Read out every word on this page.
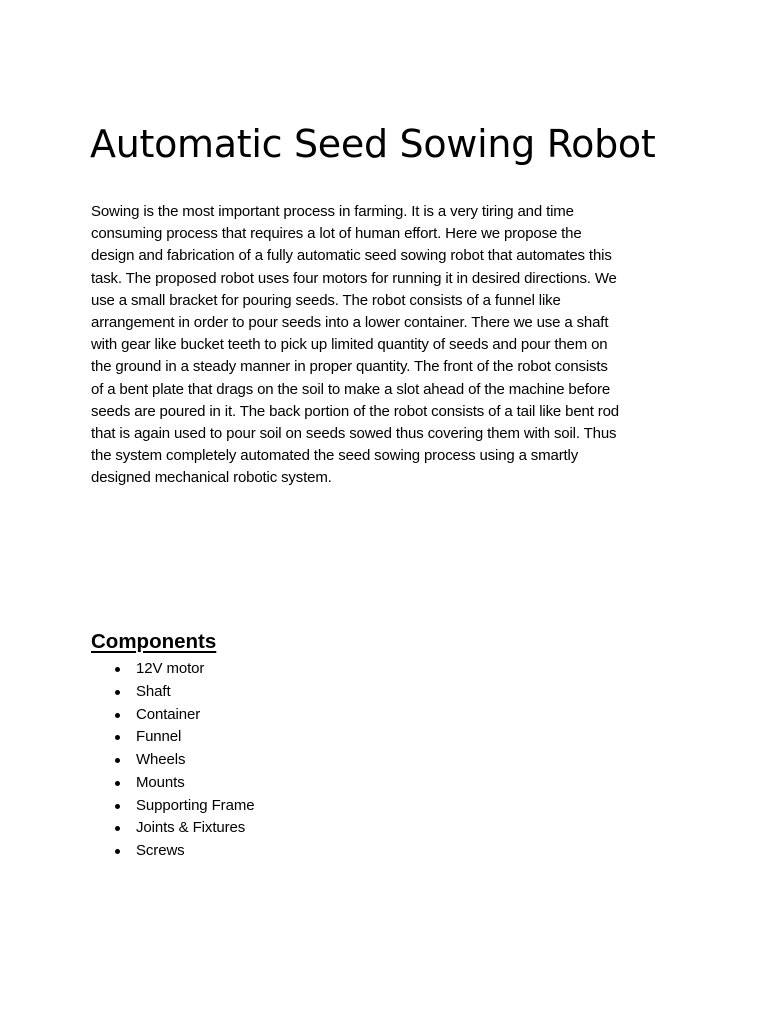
Automatic Seed Sowing Robot

Sowing is the most important process in farming. It is a very tiring and time
consuming process that requires a lot of human effort. Here we propose the
design and fabrication of a fully automatic seed sowing robot that automates this
task. The proposed robot uses four motors for running it in desired directions. We
use a small bracket for pouring seeds. The robot consists of a funnel like
arrangement in order to pour seeds into a lower container. There we use a shaft
with gear like bucket teeth to pick up limited quantity of seeds and pour them on
the ground in a steady manner in proper quantity. The front of the robot consists
of a bent plate that drags on the soil to make a slot ahead of the machine before
seeds are poured in it. The back portion of the robot consists of a tail like bent rod
that is again used to pour soil on seeds sowed thus covering them with soil. Thus
the system completely automated the seed sowing process using a smartly
designed mechanical robotic system.

Components
12V motor
Shaft
Container
Funnel
Wheels
Mounts
Supporting Frame
Joints & Fixtures
Screws
